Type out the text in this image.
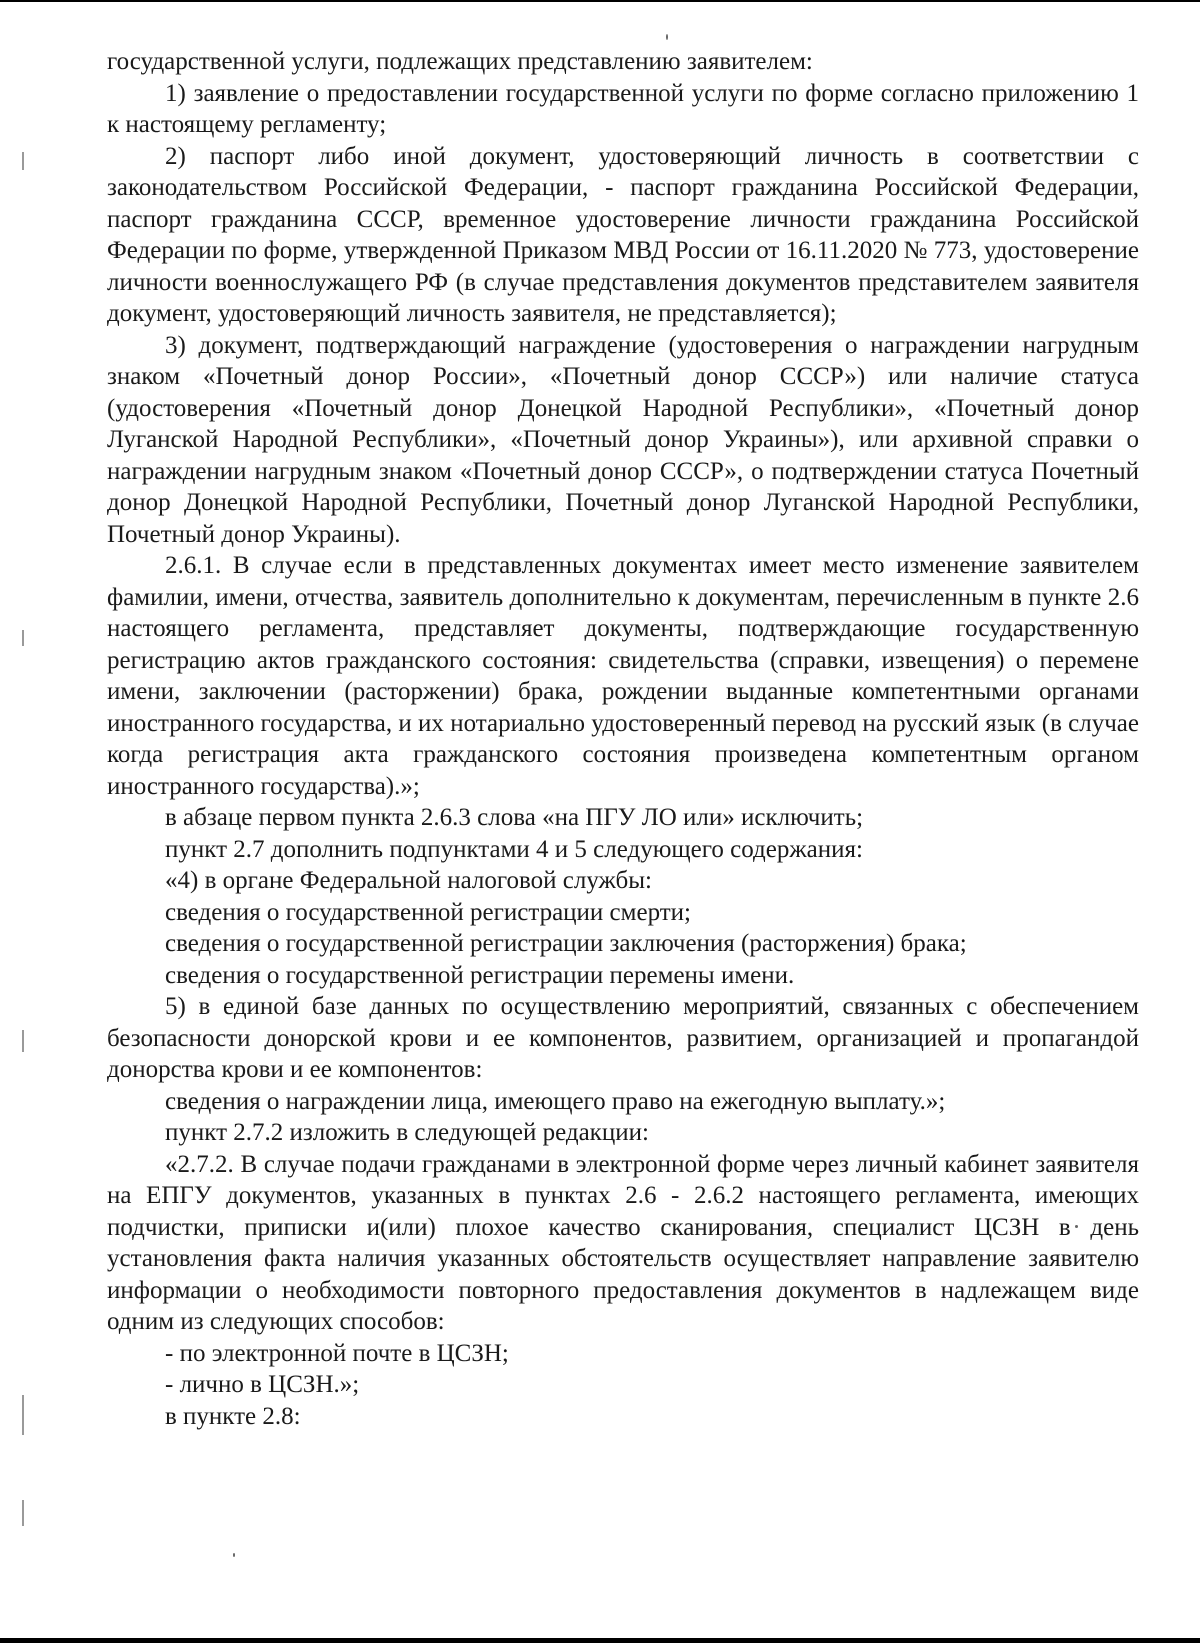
государственной услуги, подлежащих представлению заявителем:

1) заявление о предоставлении государственной услуги по форме согласно приложению 1 к настоящему регламенту;

2) паспорт либо иной документ, удостоверяющий личность в соответствии с законодательством Российской Федерации, - паспорт гражданина Российской Федерации, паспорт гражданина СССР, временное удостоверение личности гражданина Российской Федерации по форме, утвержденной Приказом МВД России от 16.11.2020 № 773, удостоверение личности военнослужащего РФ (в случае представления документов представителем заявителя документ, удостоверяющий личность заявителя, не представляется);

3) документ, подтверждающий награждение (удостоверения о награждении нагрудным знаком «Почетный донор России», «Почетный донор СССР») или наличие статуса (удостоверения «Почетный донор Донецкой Народной Республики», «Почетный донор Луганской Народной Республики», «Почетный донор Украины»), или архивной справки о награждении нагрудным знаком «Почетный донор СССР», о подтверждении статуса Почетный донор Донецкой Народной Республики, Почетный донор Луганской Народной Республики, Почетный донор Украины).

2.6.1. В случае если в представленных документах имеет место изменение заявителем фамилии, имени, отчества, заявитель дополнительно к документам, перечисленным в пункте 2.6 настоящего регламента, представляет документы, подтверждающие государственную регистрацию актов гражданского состояния: свидетельства (справки, извещения) о перемене имени, заключении (расторжении) брака, рождении выданные компетентными органами иностранного государства, и их нотариально удостоверенный перевод на русский язык (в случае когда регистрация акта гражданского состояния произведена компетентным органом иностранного государства).»;

в абзаце первом пункта 2.6.3 слова «на ПГУ ЛО или» исключить;

пункт 2.7 дополнить подпунктами 4 и 5 следующего содержания:

«4) в органе Федеральной налоговой службы:

сведения о государственной регистрации смерти;

сведения о государственной регистрации заключения (расторжения) брака;

сведения о государственной регистрации перемены имени.

5) в единой базе данных по осуществлению мероприятий, связанных с обеспечением безопасности донорской крови и ее компонентов, развитием, организацией и пропагандой донорства крови и ее компонентов:

сведения о награждении лица, имеющего право на ежегодную выплату.»;

пункт 2.7.2 изложить в следующей редакции:

«2.7.2. В случае подачи гражданами в электронной форме через личный кабинет заявителя на ЕПГУ документов, указанных в пунктах 2.6 - 2.6.2 настоящего регламента, имеющих подчистки, приписки и(или) плохое качество сканирования, специалист ЦСЗН в день установления факта наличия указанных обстоятельств осуществляет направление заявителю информации о необходимости повторного предоставления документов в надлежащем виде одним из следующих способов:

- по электронной почте в ЦСЗН;

- лично в ЦСЗН.»;

в пункте 2.8:
